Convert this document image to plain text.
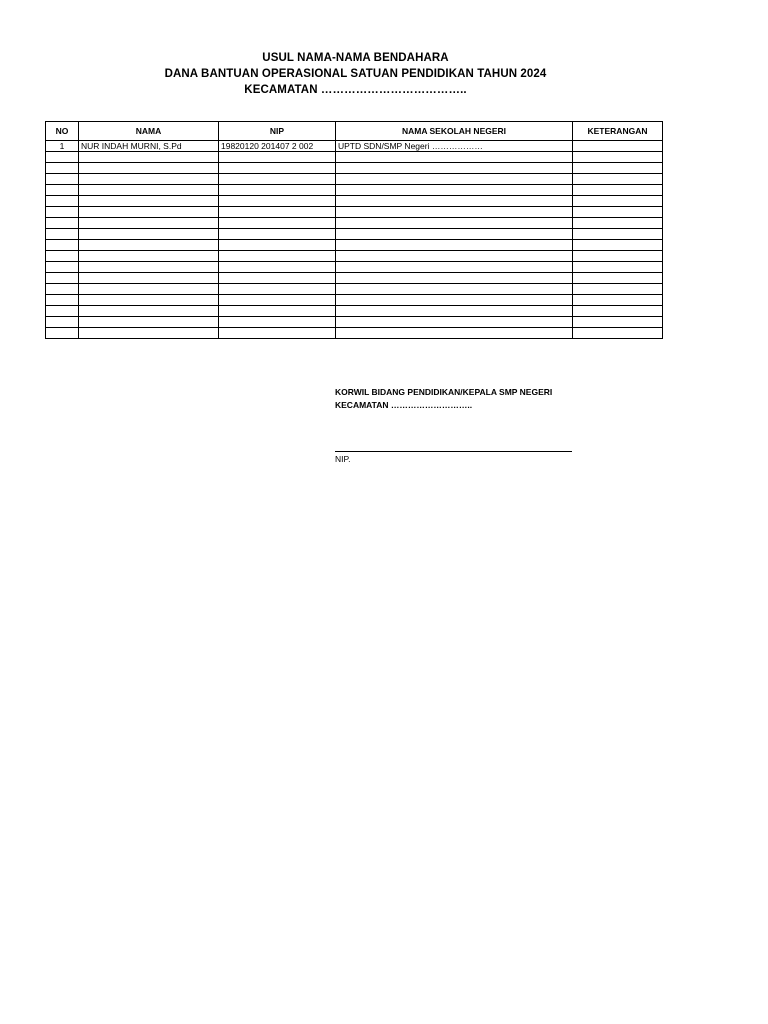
USUL NAMA-NAMA BENDAHARA
DANA BANTUAN OPERASIONAL SATUAN PENDIDIKAN TAHUN 2024
KECAMATAN ………………………………..
NO	NAMA	NIP	NAMA SEKOLAH NEGERI	KETERANGAN
1	NUR INDAH MURNI, S.Pd	19820120 201407 2 002	UPTD SDN/SMP Negeri ………………	

KORWIL BIDANG PENDIDIKAN/KEPALA SMP NEGERI
KECAMATAN ………………………..
NIP.
